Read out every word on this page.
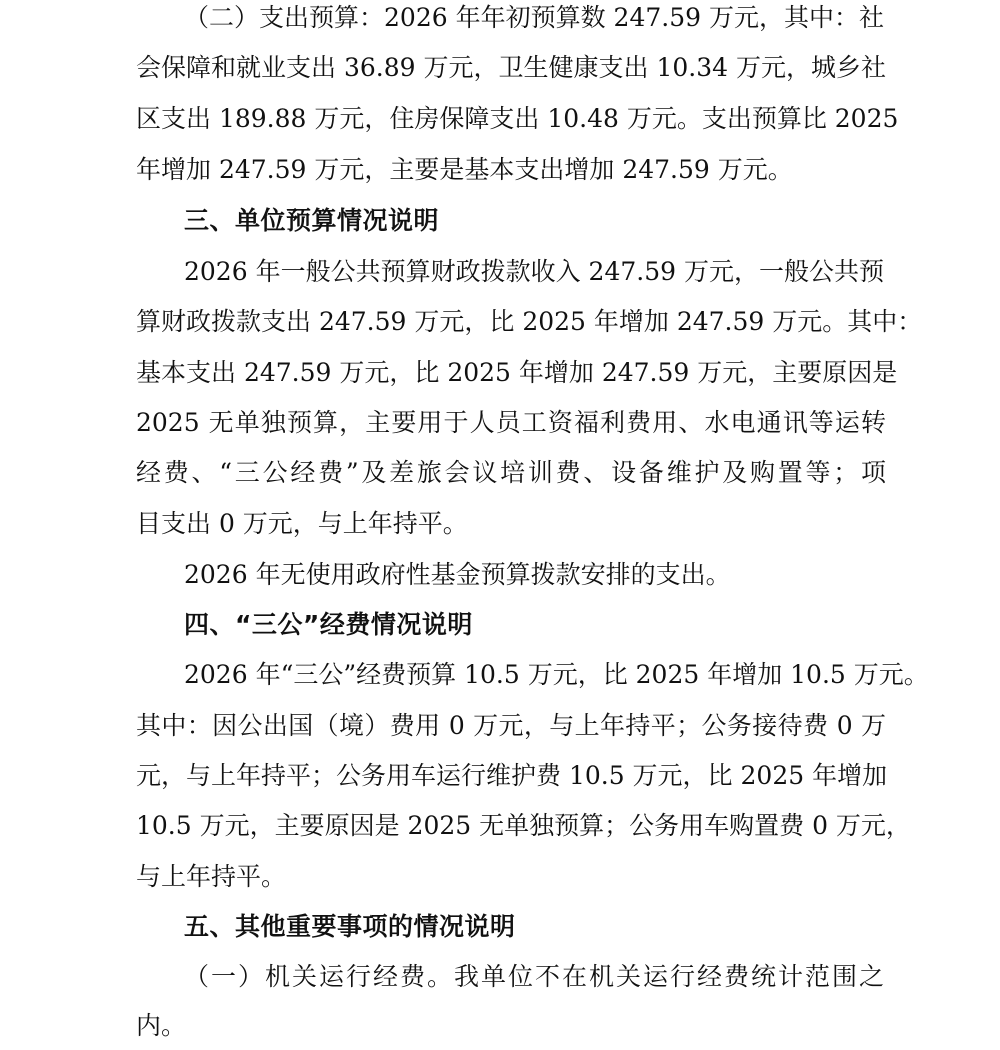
（二）支出预算：2026 年年初预算数 247.59 万元，其中：社
会保障和就业支出 36.89 万元，卫生健康支出 10.34 万元，城乡社
区支出 189.88 万元，住房保障支出 10.48 万元。支出预算比 2025
年增加 247.59 万元，主要是基本支出增加 247.59 万元。
三、单位预算情况说明
2026 年一般公共预算财政拨款收入 247.59 万元，一般公共预
算财政拨款支出 247.59 万元，比 2025 年增加 247.59 万元。其中：
基本支出 247.59 万元，比 2025 年增加 247.59 万元，主要原因是
2025 无单独预算，主要用于人员工资福利费用、水电通讯等运转
经费、“三公经费”及差旅会议培训费、设备维护及购置等；项
目支出 0 万元，与上年持平。
2026 年无使用政府性基金预算拨款安排的支出。
四、“三公”经费情况说明
2026 年“三公”经费预算 10.5 万元，比 2025 年增加 10.5 万元。
其中：因公出国（境）费用 0 万元，与上年持平；公务接待费 0 万
元，与上年持平；公务用车运行维护费 10.5 万元，比 2025 年增加
10.5 万元，主要原因是 2025 无单独预算；公务用车购置费 0 万元，
与上年持平。
五、其他重要事项的情况说明
（一）机关运行经费。我单位不在机关运行经费统计范围之
内。
